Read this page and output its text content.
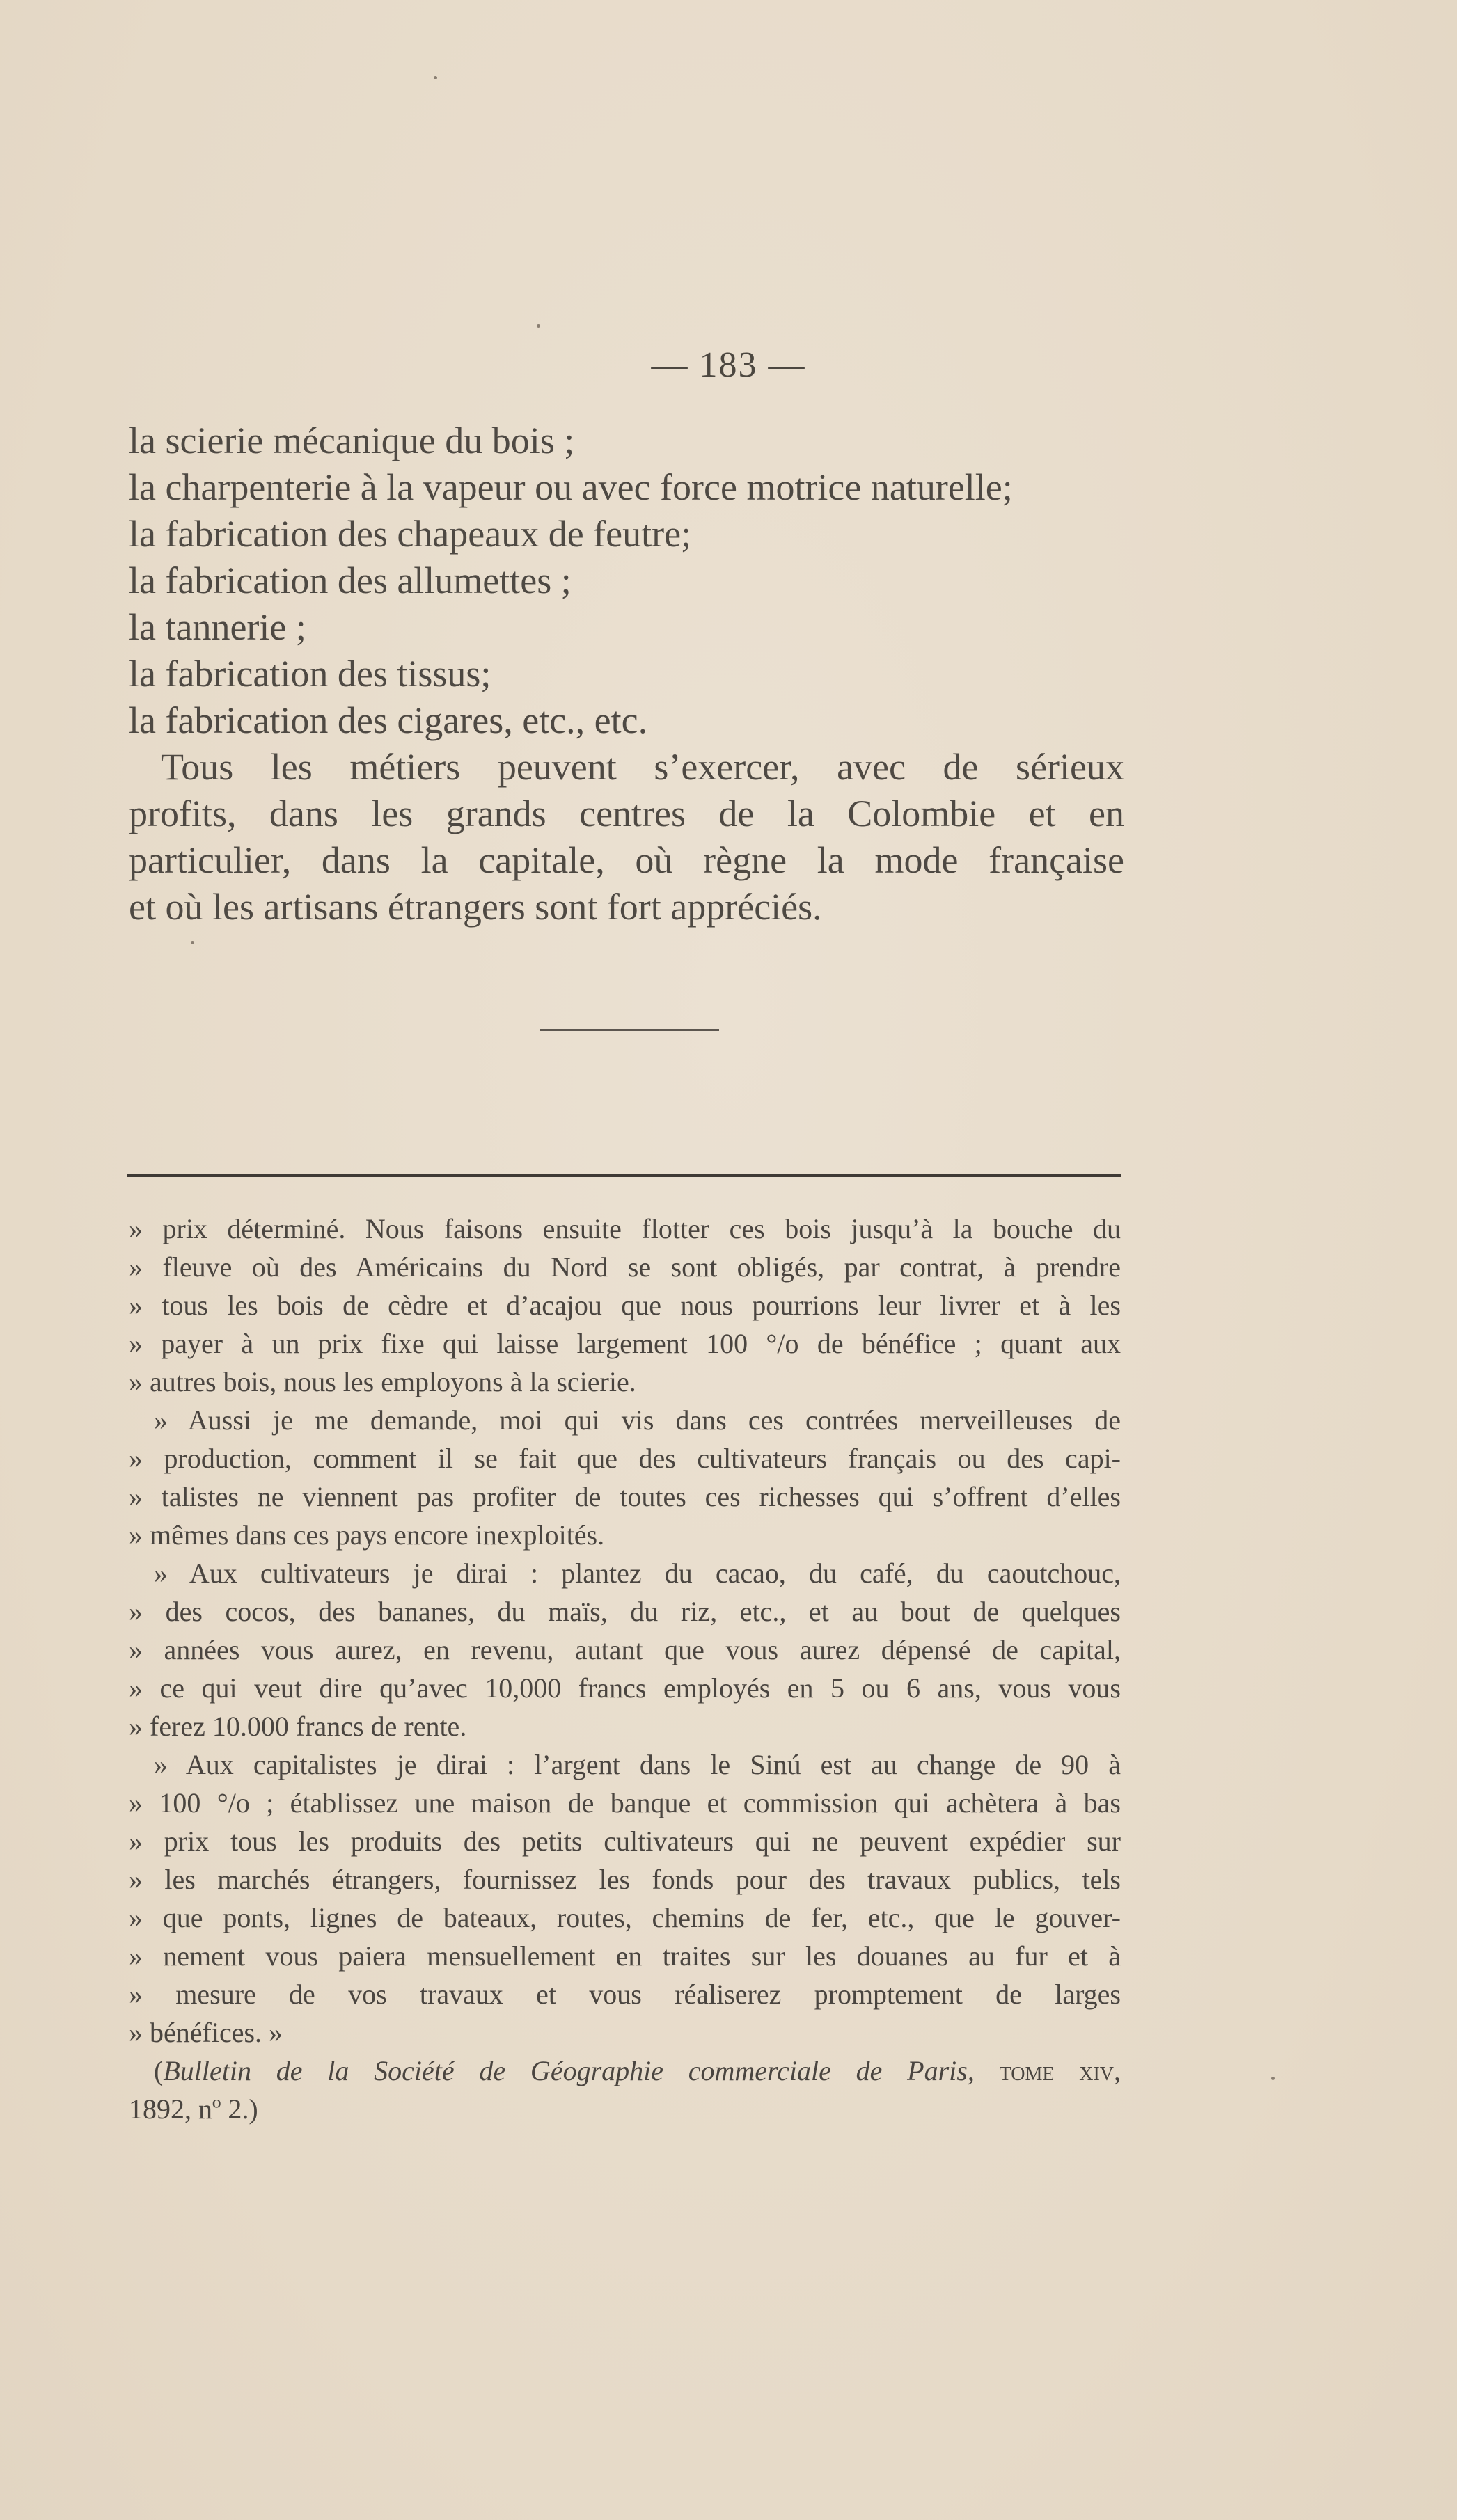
— 183 —
la scierie mécanique du bois ;
la charpenterie à la vapeur ou avec force motrice naturelle;
la fabrication des chapeaux de feutre;
la fabrication des allumettes ;
la tannerie ;
la fabrication des tissus;
la fabrication des cigares, etc., etc.
Tous les métiers peuvent s’exercer, avec de sérieux
profits, dans les grands centres de la Colombie et en
particulier, dans la capitale, où règne la mode française
et où les artisans étrangers sont fort appréciés.
» prix déterminé. Nous faisons ensuite flotter ces bois jusqu’à la bouche du
» fleuve où des Américains du Nord se sont obligés, par contrat, à prendre
» tous les bois de cèdre et d’acajou que nous pourrions leur livrer et à les
» payer à un prix fixe qui laisse largement 100 °/o de bénéfice ; quant aux
» autres bois, nous les employons à la scierie.
» Aussi je me demande, moi qui vis dans ces contrées merveilleuses de
» production, comment il se fait que des cultivateurs français ou des capi-
» talistes ne viennent pas profiter de toutes ces richesses qui s’offrent d’elles
» mêmes dans ces pays encore inexploités.
» Aux cultivateurs je dirai : plantez du cacao, du café, du caoutchouc,
» des cocos, des bananes, du maïs, du riz, etc., et au bout de quelques
» années vous aurez, en revenu, autant que vous aurez dépensé de capital,
» ce qui veut dire qu’avec 10,000 francs employés en 5 ou 6 ans, vous vous
» ferez 10.000 francs de rente.
» Aux capitalistes je dirai : l’argent dans le Sinú est au change de 90 à
» 100 °/o ; établissez une maison de banque et commission qui achètera à bas
» prix tous les produits des petits cultivateurs qui ne peuvent expédier sur
» les marchés étrangers, fournissez les fonds pour des travaux publics, tels
» que ponts, lignes de bateaux, routes, chemins de fer, etc., que le gouver-
» nement vous paiera mensuellement en traites sur les douanes au fur et à
» mesure de vos travaux et vous réaliserez promptement de larges
» bénéfices. »
(Bulletin de la Société de Géographie commerciale de Paris, tome xiv,
1892, nº 2.)
